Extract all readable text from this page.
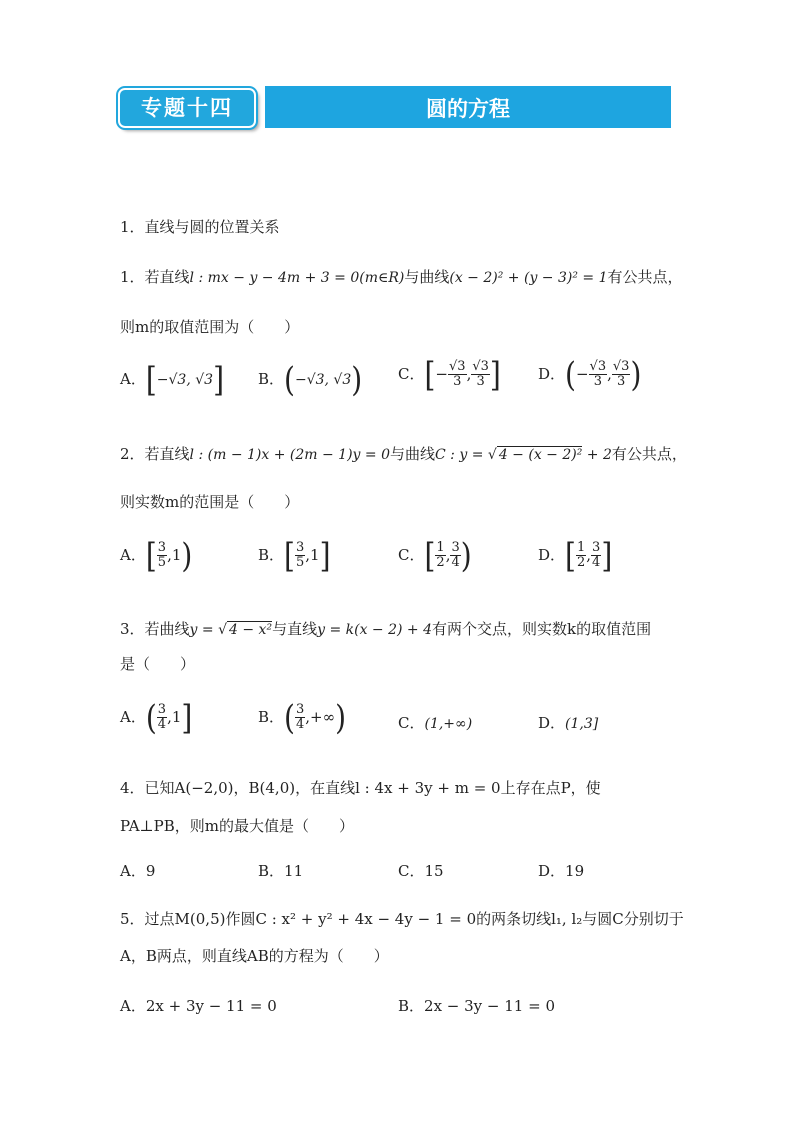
专题十四	圆的方程
1．直线与圆的位置关系
1．若直线l : mx − y − 4m + 3 = 0(m∈R)与曲线(x − 2)² + (y − 3)² = 1有公共点，
则m的取值范围为（　　）
A．[−√3, √3] B．(−√3, √3) C．[− $\frac{√3}{3}$ , $\frac{√3}{3}$ ] D．(− $\frac{√3}{3}$ , $\frac{√3}{3}$ )
2．若直线l : (m − 1)x + (2m − 1)y = 0与曲线C : y = √ 4 − (x − 2)² + 2有公共点，
则实数m的范围是（　　）
A．[ $\frac{3}{5} ,1$)	B．[ $\frac{3}{5} ,1$]	C．[ $\frac{1}{2}$ , $\frac{3}{4}$ )	D．[ $\frac{1}{2}$ , $\frac{3}{4}$ ]
3．若曲线y = √ 4 − x²与直线y = k(x − 2) + 4有两个交点，则实数k的取值范围
是（　　）
A．( $\frac{3}{4} ,1$]	B．( $\frac{3}{4}$ ,+∞)	C．(1,+∞)	D．(1,3]
4．已知A(−2,0)，B(4,0)，在直线l : 4x + 3y + m = 0上存在点P，使
PA⊥PB，则m的最大值是（　　）
A．9	B．11	C．15	D．19
5．过点M(0,5)作圆C : x² + y² + 4x − 4y − 1 = 0的两条切线l₁, l₂与圆C分别切于
A，B两点，则直线AB的方程为（　　）
A．2x + 3y − 11 = 0	B．2x − 3y − 11 = 0
